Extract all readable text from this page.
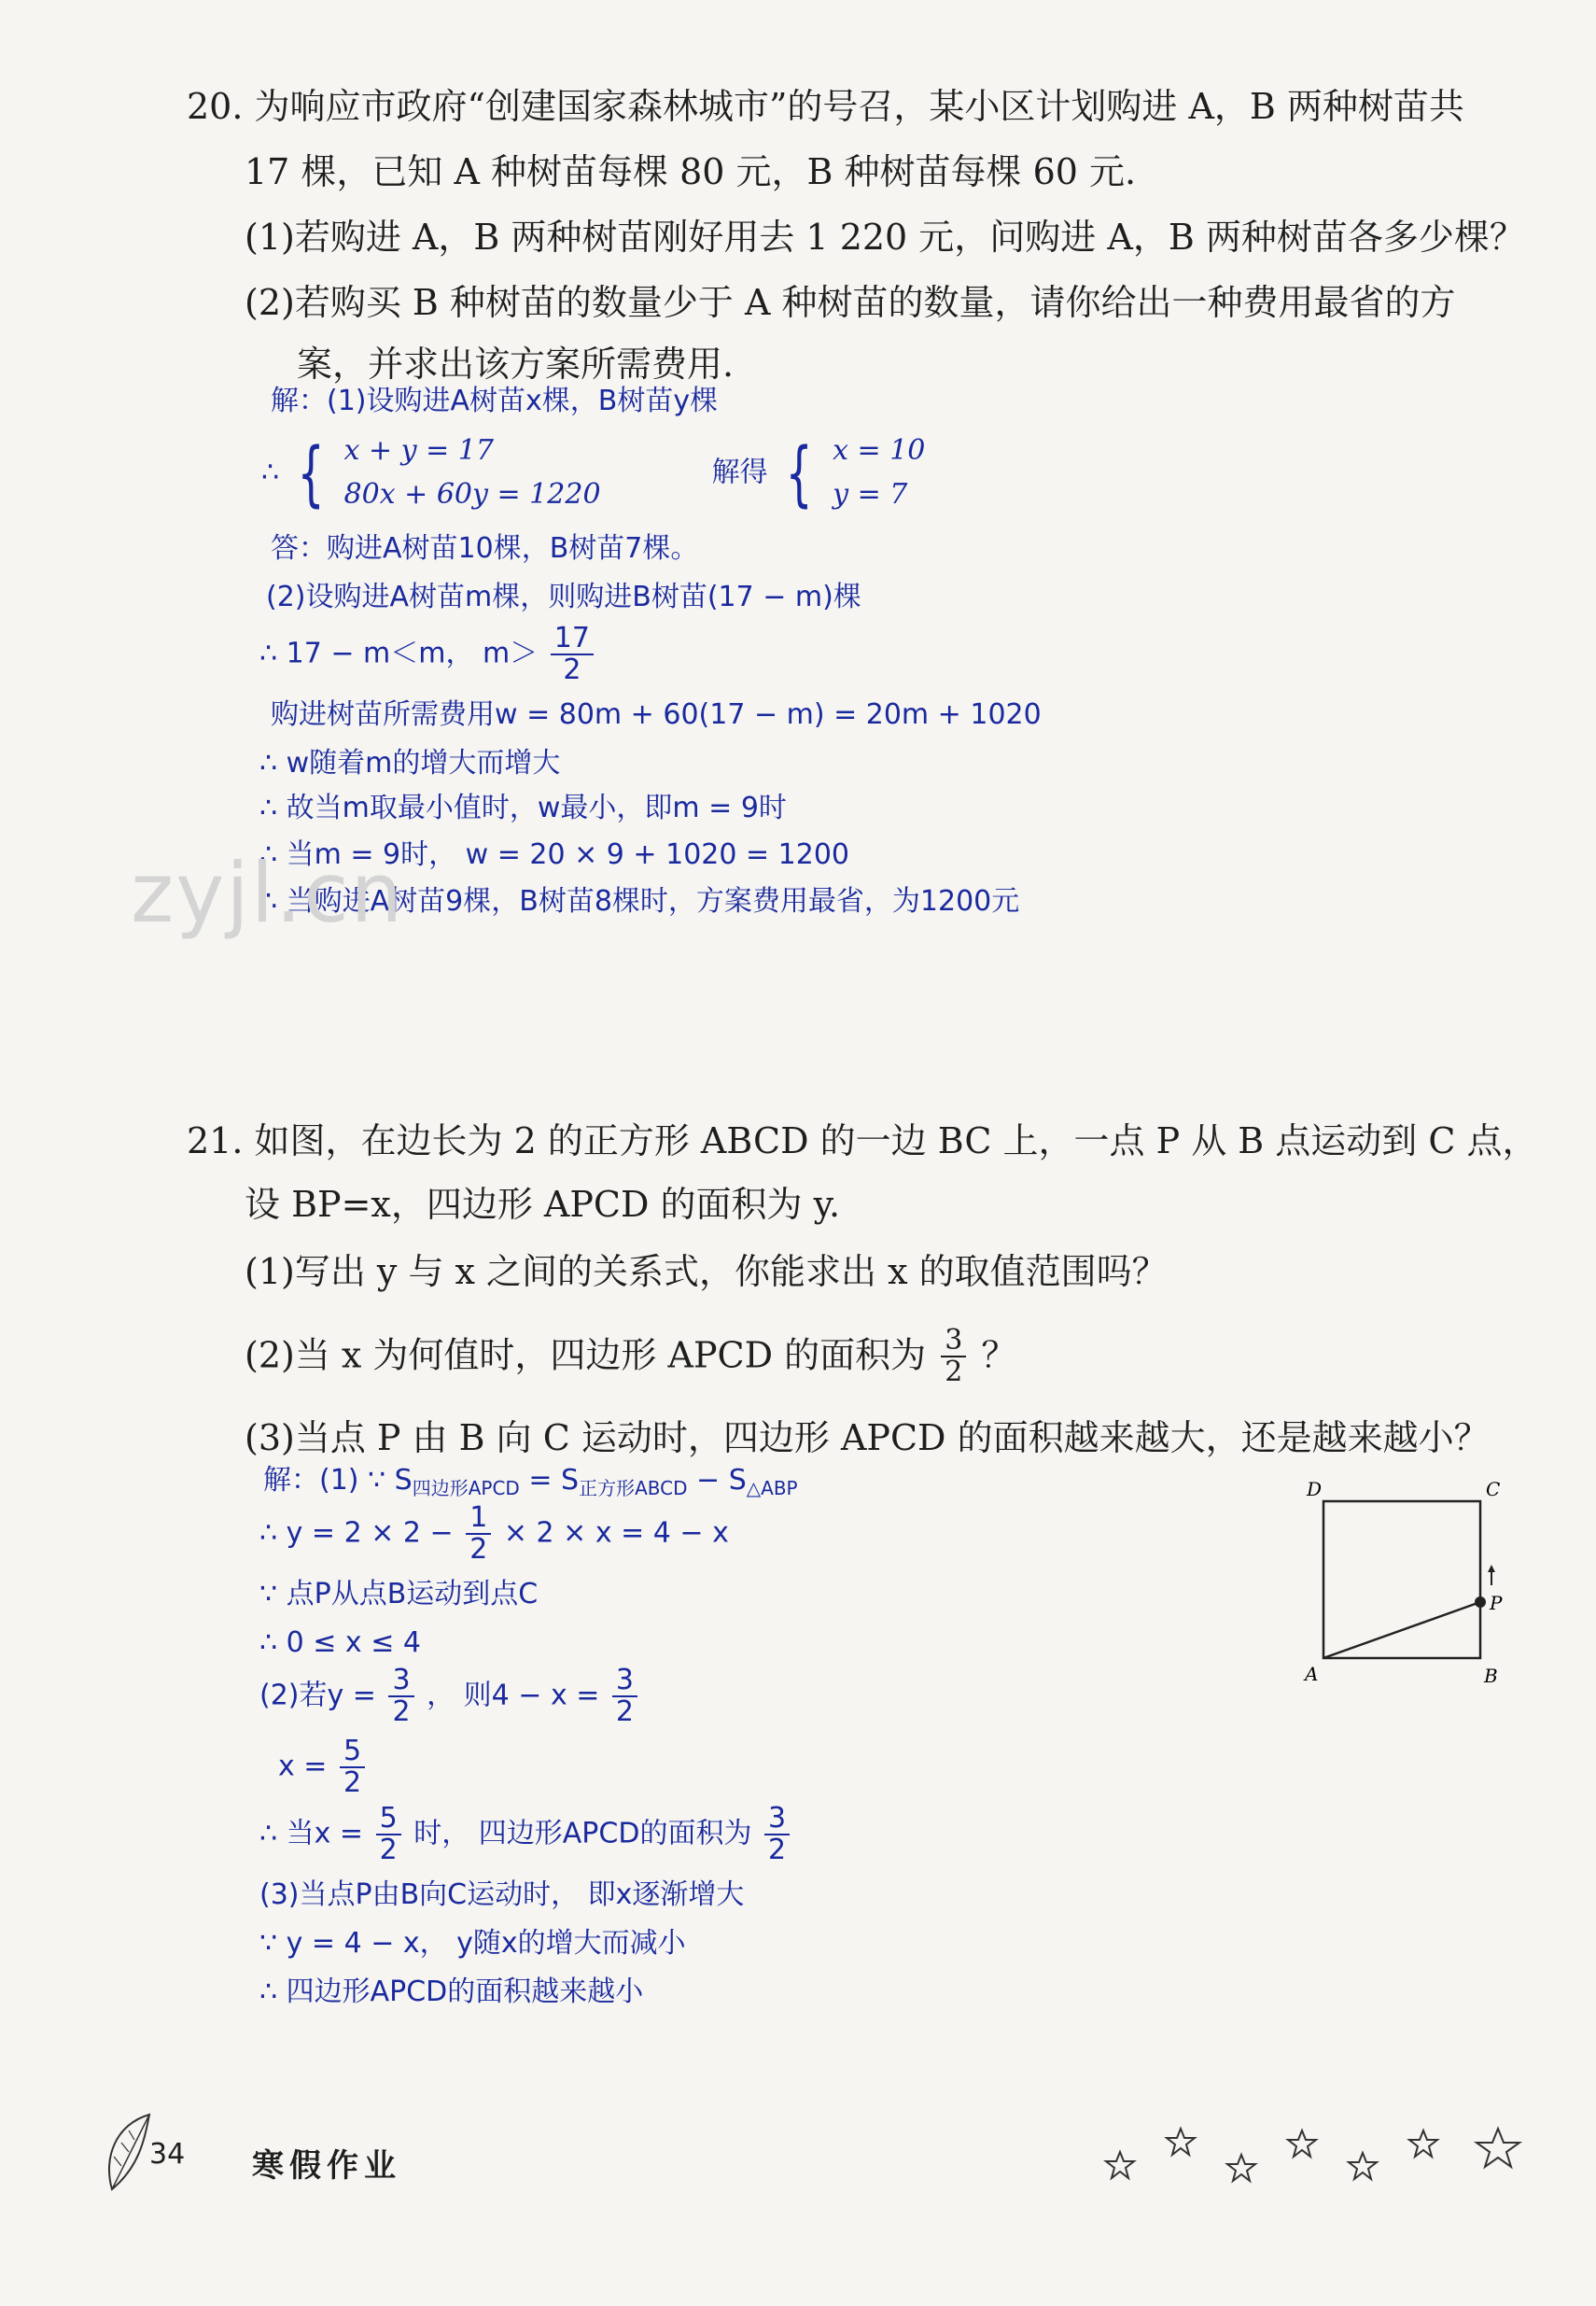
20. 为响应市政府“创建国家森林城市”的号召，某小区计划购进 A，B 两种树苗共
17 棵，已知 A 种树苗每棵 80 元，B 种树苗每棵 60 元.
(1)若购进 A，B 两种树苗刚好用去 1 220 元，问购进 A，B 两种树苗各多少棵？
(2)若购买 B 种树苗的数量少于 A 种树苗的数量，请你给出一种费用最省的方
案，并求出该方案所需费用.
解：(1)设购进A树苗x棵，B树苗y棵
∴ { x + y = 17
80x + 60y = 1220
解得 { x = 10
y = 7
答：购进A树苗10棵，B树苗7棵。
(2)设购进A树苗m棵，则购进B树苗(17 − m)棵
∴ 17 − m＜m， $m> \frac{17}{2}$
购进树苗所需费用w = 80m + 60(17 − m) = 20m + 1020
∴ w随着m的增大而增大
∴ 故当m取最小值时，w最小，即m = 9时
∴ 当m = 9时， w = 20 × 9 + 1020 = 1200
∴ 当购进A树苗9棵，B树苗8棵时，方案费用最省，为1200元
zyjl.cn
21. 如图，在边长为 2 的正方形 ABCD 的一边 BC 上，一点 P 从 B 点运动到 C 点，
设 BP=x，四边形 APCD 的面积为 y.
(1)写出 y 与 x 之间的关系式，你能求出 x 的取值范围吗？
(2)当 x 为何值时，四边形 APCD 的面积为 $\frac{3}{2}$ ？
(3)当点 P 由 B 向 C 运动时，四边形 APCD 的面积越来越大，还是越来越小？
解：(1) ∵ $S_{四边形APCD} = S_{正方形ABCD} - S_{\triangle ABP}$
∴ $y = 2 \times 2 - \frac{1}{2} \times 2 \times x = 4 - x$
∵ 点P从点B运动到点C
∴ 0 ≤ x ≤ 4
(2)若$y = \frac{3}{2}$ ， 则$4 - x = \frac{3}{2}$
$x = \frac{5}{2}$
∴ 当$x = \frac{5}{2}$ 时， 四边形APCD的面积为 $\frac{3}{2}$
(3)当点P由B向C运动时， 即x逐渐增大
∵ y = 4 − x， y随x的增大而减小
∴ 四边形APCD的面积越来越小
D	C
A	B
P
34 寒假作业
